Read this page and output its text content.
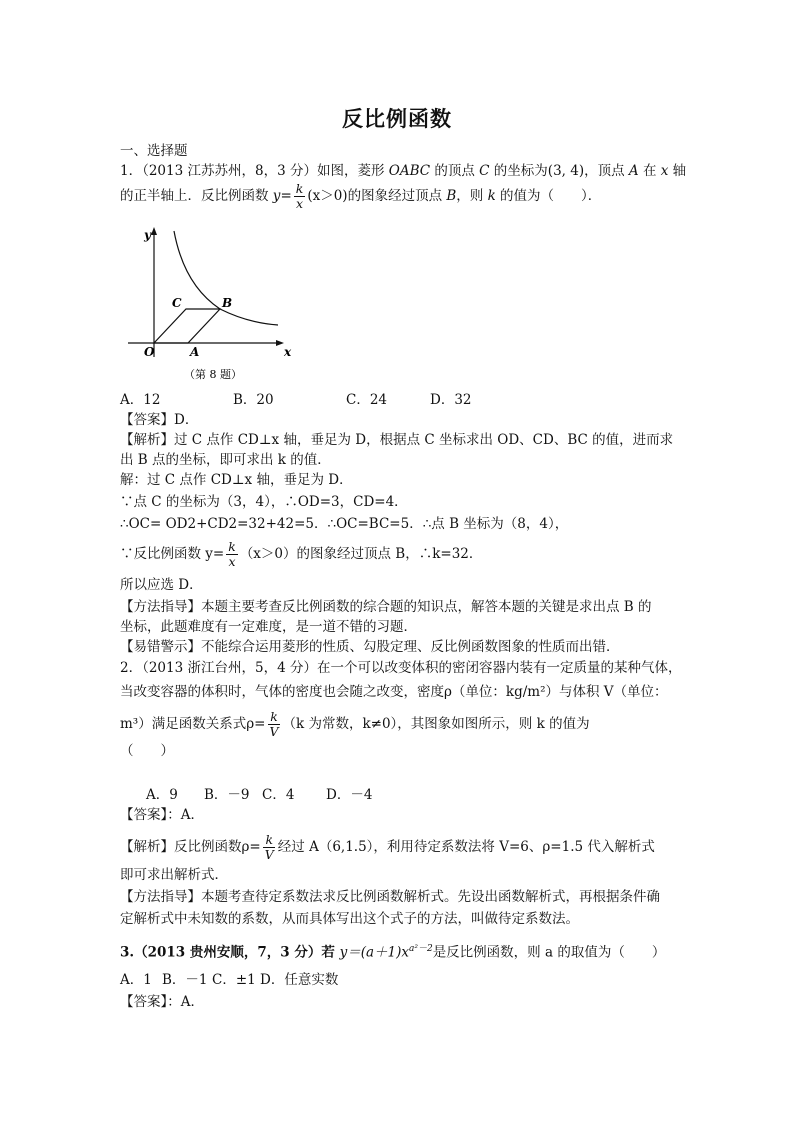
反比例函数
一、选择题
1．（2013 江苏苏州，8，3 分）如图，菱形 OABC 的顶点 C 的坐标为(3, 4)，顶点 A 在 x 轴
的正半轴上．反比例函数 $y= \frac{k}{x} (x>0)$的图象经过顶点 B，则 k 的值为（　　）．
y
x
O	A
B
C
（第 8 题）
A．12	B．20	C．24	D．32
【答案】D．
【解析】过 C 点作 CD⊥x 轴，垂足为 D，根据点 C 坐标求出 OD、CD、BC 的值，进而求
出 B 点的坐标，即可求出 k 的值．
解：过 C 点作 CD⊥x 轴，垂足为 D．
∵点 C 的坐标为（3，4），∴OD=3，CD=4．
∴OC= OD2+CD2=32+42=5．∴OC=BC=5．∴点 B 坐标为（8，4），
∵反比例函数 $y= \frac{k}{x} (x>0)$的图象经过顶点 B，∴k=32．
所以应选 D．
【方法指导】本题主要考查反比例函数的综合题的知识点，解答本题的关键是求出点 B 的
坐标，此题难度有一定难度，是一道不错的习题．
【易错警示】不能综合运用菱形的性质、勾股定理、反比例函数图象的性质而出错．
2．（2013 浙江台州，5，4 分）在一个可以改变体积的密闭容器内装有一定质量的某种气体，
当改变容器的体积时，气体的密度也会随之改变，密度ρ（单位：kg/m²）与体积 V（单位：
m³）满足函数关系式$\rho= \frac{k}{V} (k$ 为常数，k≠0），其图象如图所示，则 k 的值为
（　　）
A．9 B．－9 C．4 D．－4
【答案】：A．
【解析】反比例函数$\rho= \frac{k}{V}$ 经过 A（6,1.5），利用待定系数法将 V=6、ρ=1.5 代入解析式
即可求出解析式．
【方法指导】本题考查待定系数法求反比例函数解析式。先设出函数解析式，再根据条件确
定解析式中未知数的系数，从而具体写出这个式子的方法，叫做待定系数法。
3.（2013 贵州安顺，7，3 分）若 $y=(a+1)x^{a^2-2}$是反比例函数，则 a 的取值为（　　）
A．1 B．－1 C．±1 D．任意实数
【答案】：A．
